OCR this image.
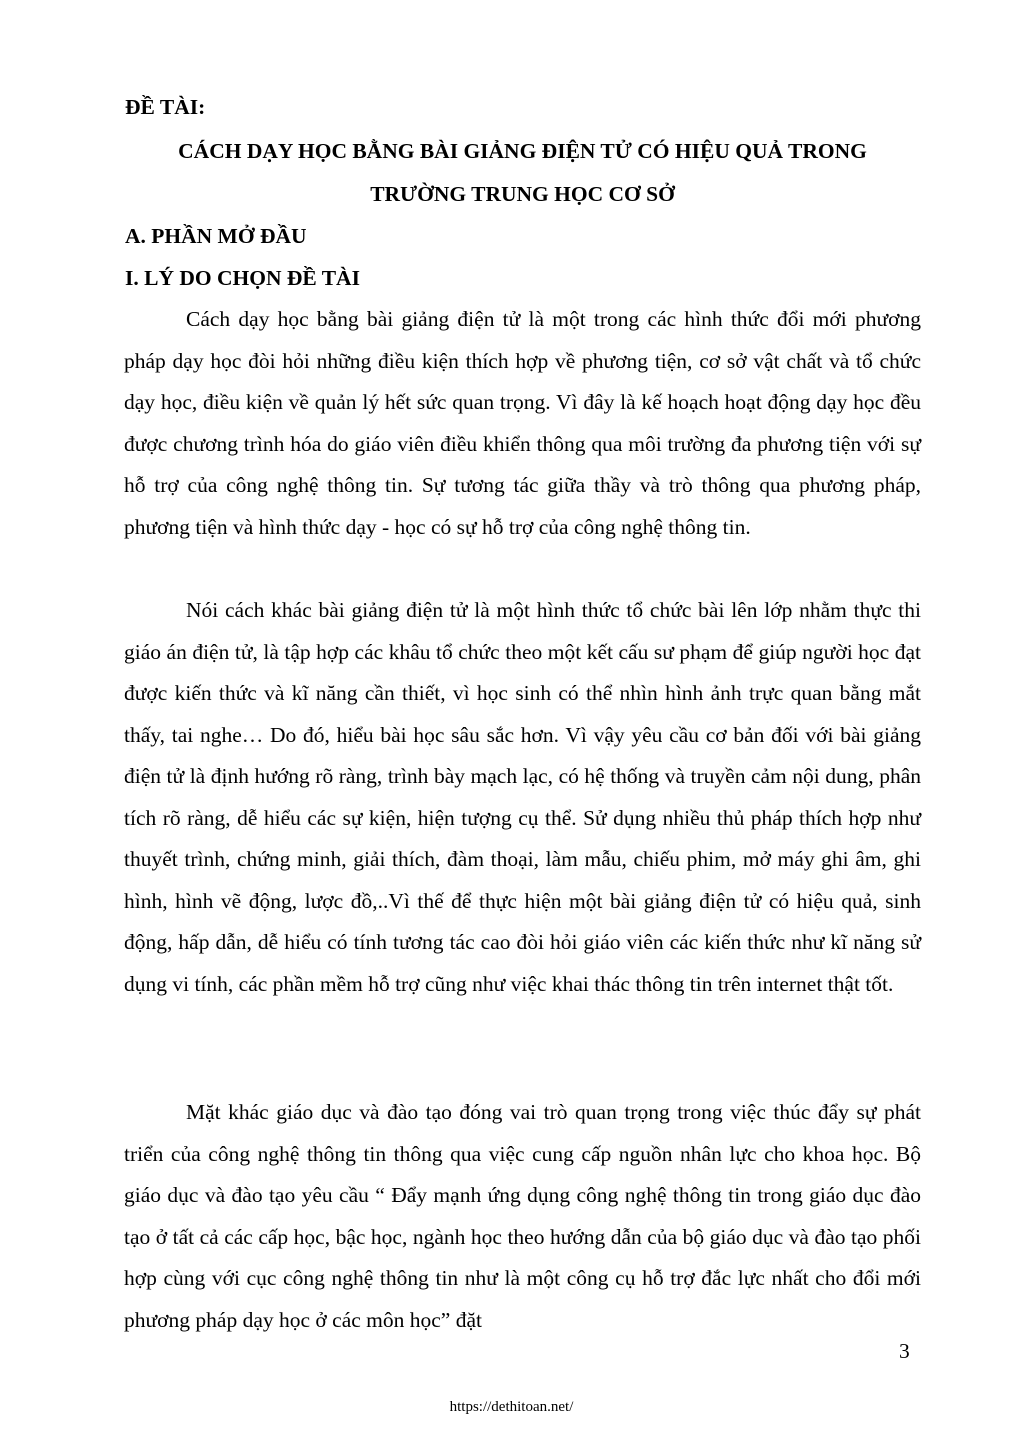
ĐỀ TÀI:
CÁCH DẠY HỌC BẰNG BÀI GIẢNG ĐIỆN TỬ CÓ HIỆU QUẢ TRONG
TRƯỜNG TRUNG HỌC CƠ SỞ
A. PHẦN MỞ ĐẦU
I. LÝ DO CHỌN ĐỀ TÀI

Cách dạy học bằng bài giảng điện tử là một trong các hình thức đổi mới phương pháp dạy học đòi hỏi những điều kiện thích hợp về phương tiện, cơ sở vật chất và tổ chức dạy học, điều kiện về quản lý hết sức quan trọng. Vì đây là kế hoạch hoạt động dạy học đều được chương trình hóa do giáo viên điều khiển thông qua môi trường đa phương tiện với sự hỗ trợ của công nghệ thông tin. Sự tương tác giữa thầy và trò thông qua phương pháp, phương tiện và hình thức dạy - học có sự hỗ trợ của công nghệ thông tin.

Nói cách khác bài giảng điện tử là một hình thức tổ chức bài lên lớp nhằm thực thi giáo án điện tử, là tập hợp các khâu tổ chức theo một kết cấu sư phạm để giúp người học đạt được kiến thức và kĩ năng cần thiết, vì học sinh có thể nhìn hình ảnh trực quan bằng mắt thấy, tai nghe… Do đó, hiểu bài học sâu sắc hơn. Vì vậy yêu cầu cơ bản đối với bài giảng điện tử là định hướng rõ ràng, trình bày mạch lạc, có hệ thống và truyền cảm nội dung, phân tích rõ ràng, dễ hiểu các sự kiện, hiện tượng cụ thể. Sử dụng nhiều thủ pháp thích hợp như thuyết trình, chứng minh, giải thích, đàm thoại, làm mẫu, chiếu phim, mở máy ghi âm, ghi hình, hình vẽ động, lược đồ,..Vì thế để thực hiện một bài giảng điện tử có hiệu quả, sinh động, hấp dẫn, dễ hiểu có tính tương tác cao đòi hỏi giáo viên các kiến thức như kĩ năng sử dụng vi tính, các phần mềm hỗ trợ cũng như việc khai thác thông tin trên internet thật tốt.

Mặt khác giáo dục và đào tạo đóng vai trò quan trọng trong việc thúc đẩy sự phát triển của công nghệ thông tin thông qua việc cung cấp nguồn nhân lực cho khoa học. Bộ giáo dục và đào tạo yêu cầu “ Đẩy mạnh ứng dụng công nghệ thông tin trong giáo dục đào tạo ở tất cả các cấp học, bậc học, ngành học theo hướng dẫn của bộ giáo dục và đào tạo phối hợp cùng với cục công nghệ thông tin như là một công cụ hỗ trợ đắc lực nhất cho đổi mới phương pháp dạy học ở các môn học” đặt

3
https://dethitoan.net/
